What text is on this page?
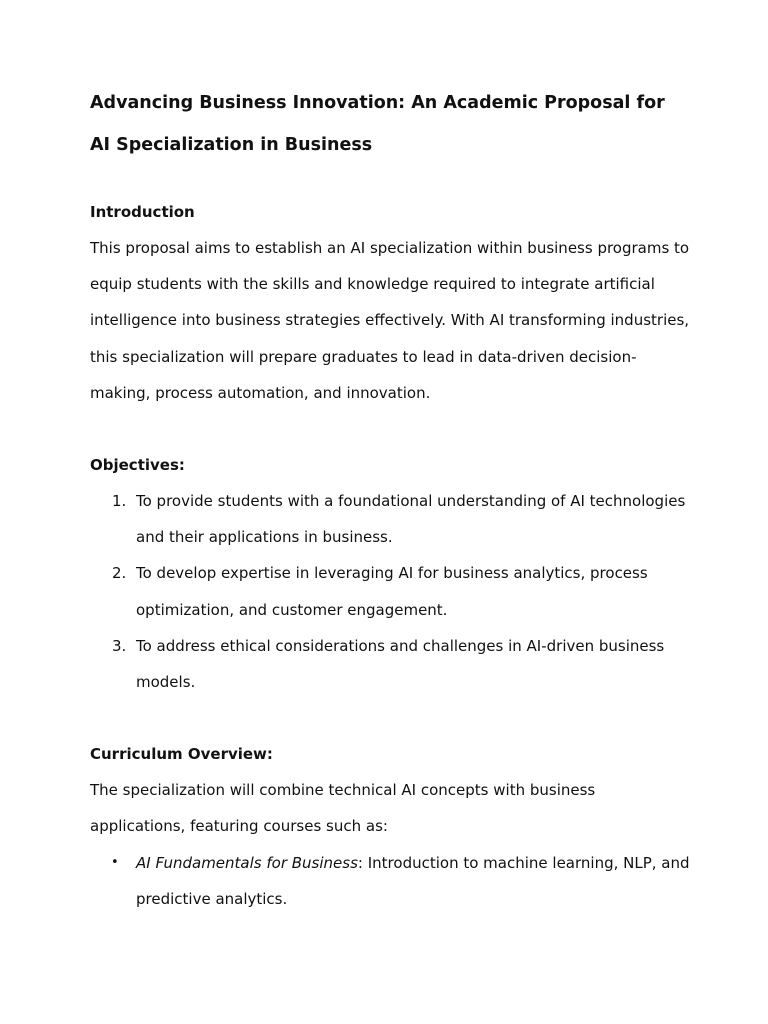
Advancing Business Innovation: An Academic Proposal for
AI Specialization in Business
Introduction

This proposal aims to establish an AI specialization within business programs to equip students with the skills and knowledge required to integrate artificial intelligence into business strategies effectively. With AI transforming industries, this specialization will prepare graduates to lead in data-driven decision-making, process automation, and innovation.

Objectives:
1. To provide students with a foundational understanding of AI technologies and their applications in business.
2. To develop expertise in leveraging AI for business analytics, process optimization, and customer engagement.
3. To address ethical considerations and challenges in AI-driven business models.
Curriculum Overview:

The specialization will combine technical AI concepts with business applications, featuring courses such as:

• AI Fundamentals for Business: Introduction to machine learning, NLP, and predictive analytics.
